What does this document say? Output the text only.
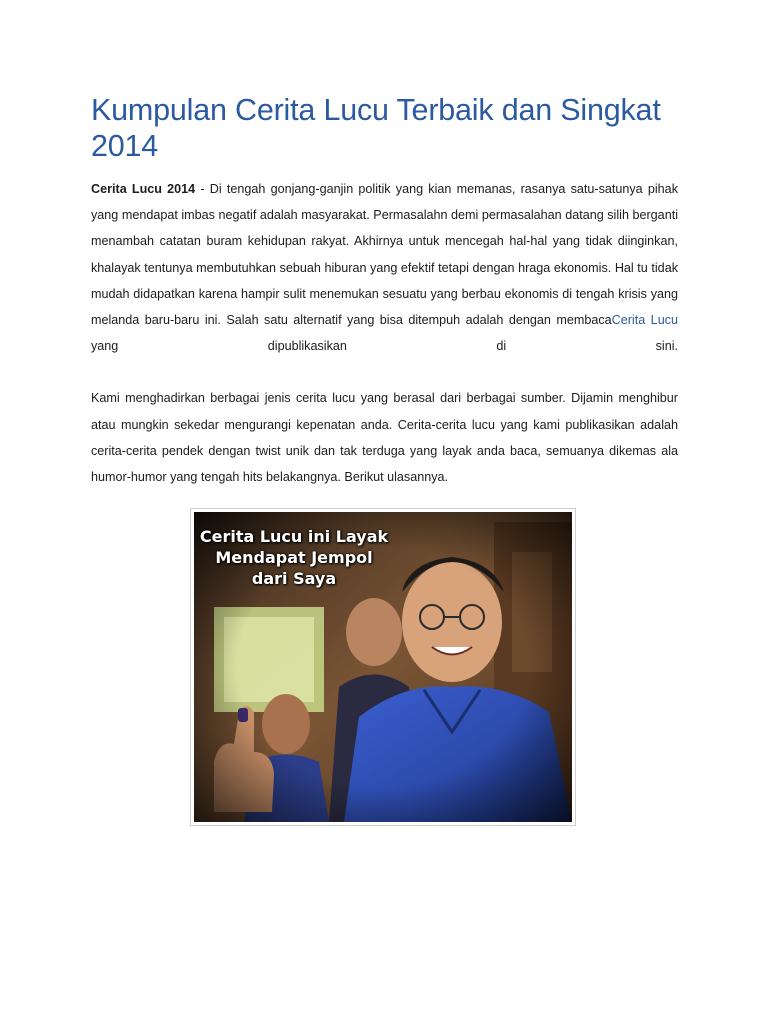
Kumpulan Cerita Lucu Terbaik dan Singkat 2014

Cerita Lucu 2014 - Di tengah gonjang-ganjin politik yang kian memanas, rasanya satu-satunya pihak yang mendapat imbas negatif adalah masyarakat. Permasalahn demi permasalahan datang silih berganti menambah catatan buram kehidupan rakyat. Akhirnya untuk mencegah hal-hal yang tidak diinginkan, khalayak tentunya membutuhkan sebuah hiburan yang efektif tetapi dengan hraga ekonomis. Hal tu tidak mudah didapatkan karena hampir sulit menemukan sesuatu yang berbau ekonomis di tengah krisis yang melanda baru-baru ini. Salah satu alternatif yang bisa ditempuh adalah dengan membacaCerita Lucu yang dipublikasikan di sini.

Kami menghadirkan berbagai jenis cerita lucu yang berasal dari berbagai sumber. Dijamin menghibur atau mungkin sekedar mengurangi kepenatan anda. Cerita-cerita lucu yang kami publikasikan adalah cerita-cerita pendek dengan twist unik dan tak terduga yang layak anda baca, semuanya dikemas ala humor-humor yang tengah hits belakangnya. Berikut ulasannya.

Cerita Lucu ini Layak
Mendapat Jempol
dari Saya
